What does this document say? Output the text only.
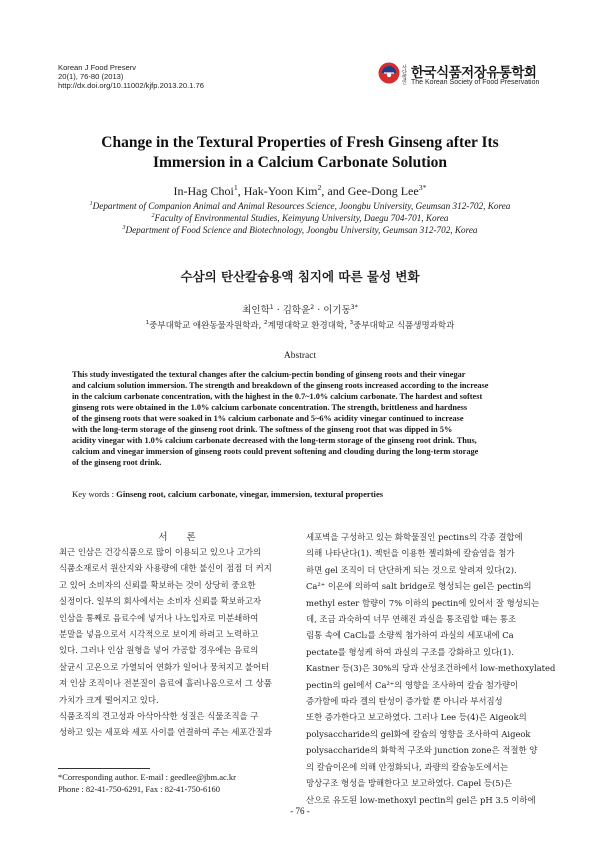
Korean J Food Preserv
20(1), 76-80 (2013)
http://dx.doi.org/10.11002/kjfp.2013.20.1.76
사단 법인
한국식품저장유통학회
The Korean Society of Food Preservation
Change in the Textural Properties of Fresh Ginseng after Its
Immersion in a Calcium Carbonate Solution
In-Hag Choi$^1$, Hak-Yoon Kim$^2$, and Gee-Dong Lee$^{3*}$
$^1$Department of Companion Animal and Animal Resources Science, Joongbu University, Geumsan 312-702, Korea
$^2$Faculty of Environmental Studies, Keimyung University, Daegu 704-701, Korea
$^3$Department of Food Science and Biotechnology, Joongbu University, Geumsan 312-702, Korea
수삼의 탄산칼슘용액 침지에 따른 물성 변화
최인학$^1$ · 김학윤$^2$ · 이기동$^{3*}$
$^1$중부대학교 애완동물자원학과, $^2$계명대학교 환경대학, $^3$중부대학교 식품생명과학과
Abstract
This study investigated the textural changes after the calcium-pectin bonding of ginseng roots and their vinegar
and calcium solution immersion. The strength and breakdown of the ginseng roots increased according to the increase
in the calcium carbonate concentration, with the highest in the 0.7~1.0% calcium carbonate. The hardest and softest
ginseng rots were obtained in the 1.0% calcium carbonate concentration. The strength, brittleness and hardness
of the ginseng roots that were soaked in 1% calcium carbonate and 5~6% acidity vinegar continued to increase
with the long-term storage of the ginseng root drink. The softness of the ginseng root that was dipped in 5%
acidity vinegar with 1.0% calcium carbonate decreased with the long-term storage of the ginseng root drink. Thus,
calcium and vinegar immersion of ginseng roots could prevent softening and clouding during the long-term storage
of the ginseng root drink.
Key words : Ginseng root, calcium carbonate, vinegar, immersion, textural properties
서 론
최근 인삼은 건강식품으로 많이 이용되고 있으나 고가의
식품소재로서 원산지와 사용량에 대한 불신이 점점 더 커지
고 있어 소비자의 신뢰를 확보하는 것이 상당히 중요한
실정이다. 일부의 회사에서는 소비자 신뢰를 확보하고자
인삼을 통째로 음료수에 넣거나 나노입자로 미분쇄하여
분말을 넣음으로서 시각적으로 보이게 하려고 노력하고
있다. 그러나 인삼 원형을 넣어 가공할 경우에는 음료의
살균시 고온으로 가열되어 연화가 일어나 뭉쳐지고 불어터
져 인삼 조직이나 전분질이 음료에 흘러나옴으로서 그 상품
가치가 크게 떨어지고 있다.
식품조직의 견고성과 아삭아삭한 성질은 식물조직을 구
성하고 있는 세포와 세포 사이를 연결하여 주는 세포간질과
세포벽을 구성하고 있는 화학물질인 pectins의 각종 결합에
의해 나타난다(1). 젝틴을 이용한 젤리화에 칼슘염을 첨가
하면 gel 조직이 더 단단하게 되는 것으로 알려져 있다(2).
Ca²⁺ 이온에 의하여 salt bridge로 형성되는 gel은 pectin의
methyl ester 함량이 7% 이하의 pectin에 있어서 잘 형성되는
데, 조금 과숙하여 너무 연해진 과실을 통조림할 때는 통조
림통 속에 CaCl₂를 소량씩 첨가하여 과실의 세포내에 Ca
pectate를 형성케 하여 과실의 구조를 강화하고 있다(1).
Kastner 등(3)은 30%의 당과 산성조건하에서 low-methoxylated
pectin의 gel에서 Ca²⁺의 영향을 조사하여 칼슘 첨가량이
증가함에 따라 겔의 탄성이 증가할 뿐 아니라 부서짐성
또한 증가한다고 보고하였다. 그러나 Lee 등(4)은 Aigeok의
polysaccharide의 gel화에 칼슘의 영향을 조사하여 Aigeok
polysaccharide의 화학적 구조와 junction zone은 적절한 양
의 칼슘이온에 의해 안정화되나, 과량의 칼슘농도에서는
망상구조 형성을 방해한다고 보고하였다. Capel 등(5)은
산으로 유도된 low-methoxyl pectin의 gel은 pH 3.5 이하에
*Corresponding author. E-mail : geedlee@jbm.ac.kr
Phone : 82-41-750-6291, Fax : 82-41-750-6160
- 76 -
